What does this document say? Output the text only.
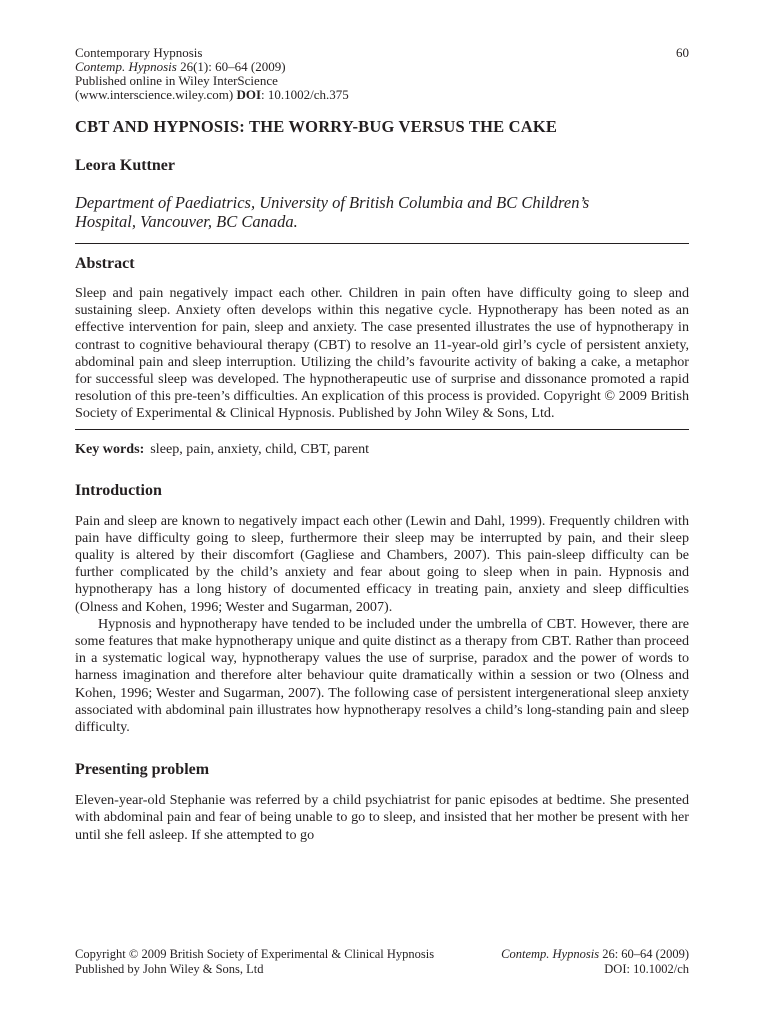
Contemporary Hypnosis	60
Contemp. Hypnosis 26(1): 60–64 (2009)
Published online in Wiley InterScience
(www.interscience.wiley.com) DOI: 10.1002/ch.375
CBT AND HYPNOSIS: THE WORRY-BUG VERSUS THE CAKE
Leora Kuttner
Department of Paediatrics, University of British Columbia and BC Children’s
Hospital, Vancouver, BC Canada.
Abstract
Sleep and pain negatively impact each other. Children in pain often have difficulty going to sleep and sustaining sleep. Anxiety often develops within this negative cycle. Hypnotherapy has been noted as an effective intervention for pain, sleep and anxiety. The case presented illustrates the use of hypnotherapy in contrast to cognitive behavioural therapy (CBT) to resolve an 11-year-old girl’s cycle of persistent anxiety, abdominal pain and sleep interruption. Utilizing the child’s favourite activity of baking a cake, a metaphor for successful sleep was developed. The hypnotherapeutic use of surprise and dissonance promoted a rapid resolution of this pre-teen’s difficulties. An explication of this process is provided. Copyright © 2009 British Society of Experimental & Clinical Hypnosis. Published by John Wiley & Sons, Ltd.
Key words: sleep, pain, anxiety, child, CBT, parent
Introduction
Pain and sleep are known to negatively impact each other (Lewin and Dahl, 1999). Frequently children with pain have difficulty going to sleep, furthermore their sleep may be interrupted by pain, and their sleep quality is altered by their discomfort (Gagliese and Chambers, 2007). This pain-sleep difficulty can be further complicated by the child’s anxiety and fear about going to sleep when in pain. Hypnosis and hypnotherapy has a long history of documented efficacy in treating pain, anxiety and sleep difficulties (Olness and Kohen, 1996; Wester and Sugarman, 2007).
Hypnosis and hypnotherapy have tended to be included under the umbrella of CBT. However, there are some features that make hypnotherapy unique and quite distinct as a therapy from CBT. Rather than proceed in a systematic logical way, hypnotherapy values the use of surprise, paradox and the power of words to harness imagination and therefore alter behaviour quite dramatically within a session or two (Olness and Kohen, 1996; Wester and Sugarman, 2007). The following case of persistent intergenerational sleep anxiety associated with abdominal pain illustrates how hypnotherapy resolves a child’s long-standing pain and sleep difficulty.
Presenting problem
Eleven-year-old Stephanie was referred by a child psychiatrist for panic episodes at bedtime. She presented with abdominal pain and fear of being unable to go to sleep, and insisted that her mother be present with her until she fell asleep. If she attempted to go
Copyright © 2009 British Society of Experimental & Clinical Hypnosis	Contemp. Hypnosis 26: 60–64 (2009)
Published by John Wiley & Sons, Ltd	DOI: 10.1002/ch
